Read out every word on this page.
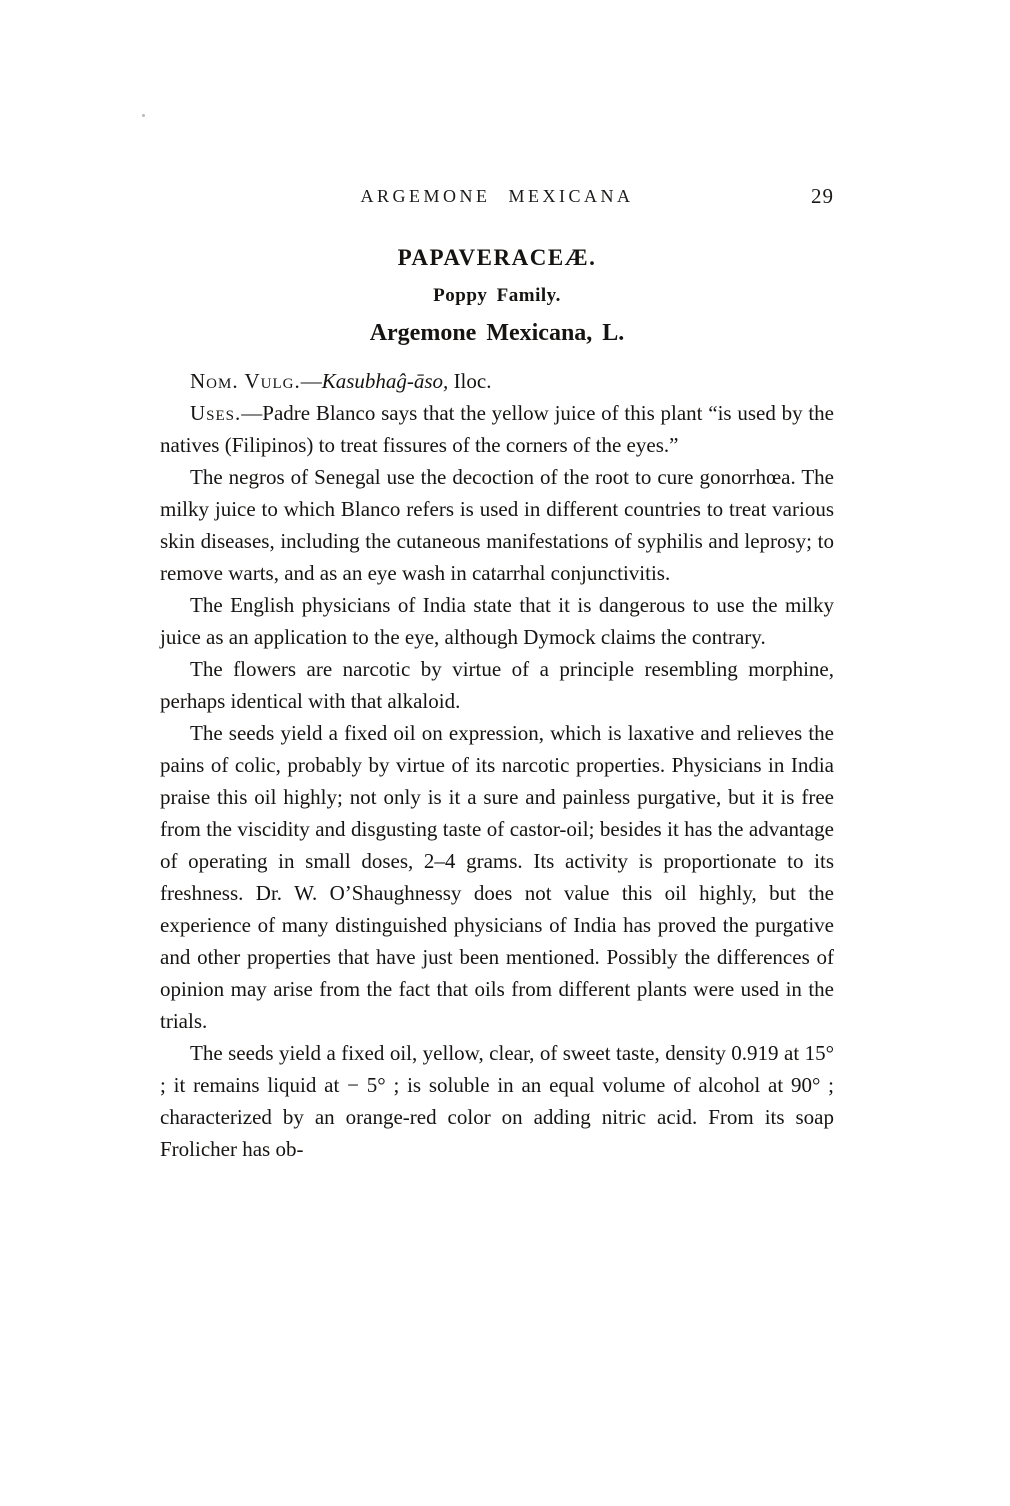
ARGEMONE MEXICANA	29
PAPAVERACEÆ.
Poppy Family.
Argemone Mexicana, L.

Nom. Vulg.—Kasubhaĝ-āso, Iloc.

Uses.—Padre Blanco says that the yellow juice of this plant “is used by the natives (Filipinos) to treat fissures of the corners of the eyes.”

The negros of Senegal use the decoction of the root to cure gonorrhœa. The milky juice to which Blanco refers is used in different countries to treat various skin diseases, including the cutaneous manifestations of syphilis and leprosy; to remove warts, and as an eye wash in catarrhal conjunctivitis.

The English physicians of India state that it is dangerous to use the milky juice as an application to the eye, although Dymock claims the contrary.

The flowers are narcotic by virtue of a principle resembling morphine, perhaps identical with that alkaloid.

The seeds yield a fixed oil on expression, which is laxative and relieves the pains of colic, probably by virtue of its narcotic properties. Physicians in India praise this oil highly; not only is it a sure and painless purgative, but it is free from the viscidity and disgusting taste of castor-oil; besides it has the advantage of operating in small doses, 2–4 grams. Its activity is proportionate to its freshness. Dr. W. O’Shaughnessy does not value this oil highly, but the experience of many distinguished physicians of India has proved the purgative and other properties that have just been mentioned. Possibly the differences of opinion may arise from the fact that oils from different plants were used in the trials.

The seeds yield a fixed oil, yellow, clear, of sweet taste, density 0.919 at 15° ; it remains liquid at − 5° ; is soluble in an equal volume of alcohol at 90° ; characterized by an orange-red color on adding nitric acid. From its soap Frolicher has ob-
